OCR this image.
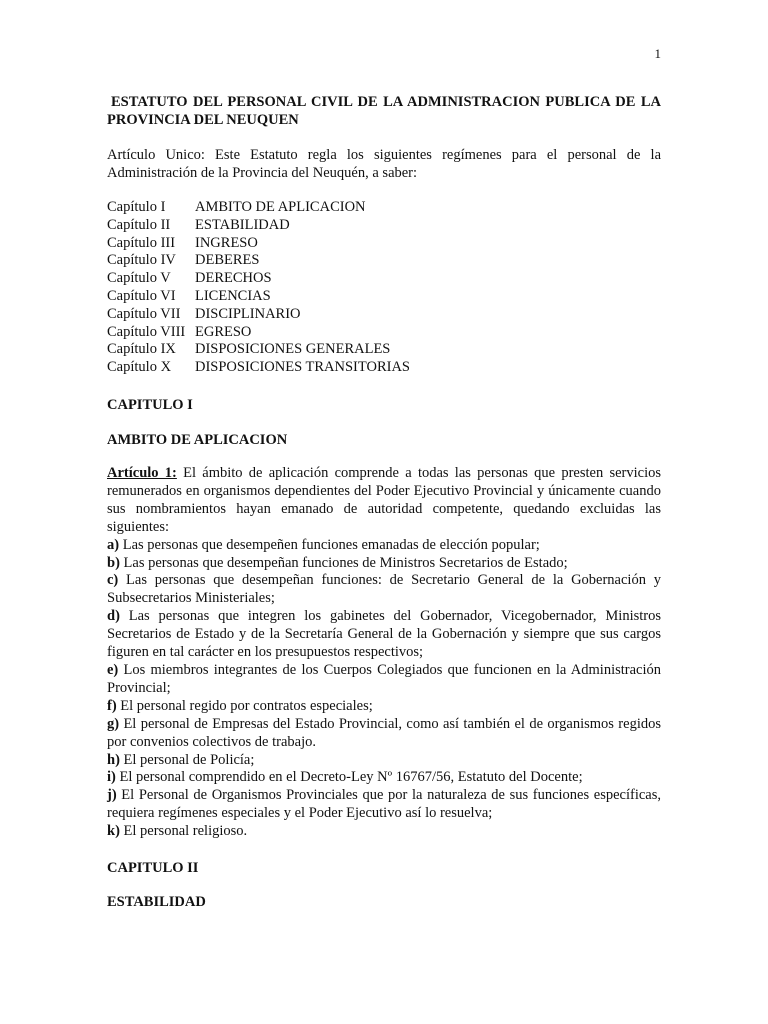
1
ESTATUTO DEL PERSONAL CIVIL DE LA ADMINISTRACION PUBLICA DE LA PROVINCIA DEL NEUQUEN

Artículo Unico: Este Estatuto regla los siguientes regímenes para el personal de la Administración de la Provincia del Neuquén, a saber:

Capítulo I	AMBITO DE APLICACION
Capítulo II	ESTABILIDAD
Capítulo III	INGRESO
Capítulo IV	DEBERES
Capítulo V	DERECHOS
Capítulo VI	LICENCIAS
Capítulo VII	DISCIPLINARIO
Capítulo VIII EGRESO
Capítulo IX	DISPOSICIONES GENERALES
Capítulo X	DISPOSICIONES TRANSITORIAS
CAPITULO I
AMBITO DE APLICACION

Artículo 1: El ámbito de aplicación comprende a todas las personas que presten servicios remunerados en organismos dependientes del Poder Ejecutivo Provincial y únicamente cuando sus nombramientos hayan emanado de autoridad competente, quedando excluidas las siguientes:

a) Las personas que desempeñen funciones emanadas de elección popular;

b) Las personas que desempeñan funciones de Ministros Secretarios de Estado;

c) Las personas que desempeñan funciones: de Secretario General de la Gobernación y Subsecretarios Ministeriales;

d) Las personas que integren los gabinetes del Gobernador, Vicegobernador, Ministros Secretarios de Estado y de la Secretaría General de la Gobernación y siempre que sus cargos figuren en tal carácter en los presupuestos respectivos;

e) Los miembros integrantes de los Cuerpos Colegiados que funcionen en la Administración Provincial;

f) El personal regido por contratos especiales;

g) El personal de Empresas del Estado Provincial, como así también el de organismos regidos por convenios colectivos de trabajo.

h) El personal de Policía;

i) El personal comprendido en el Decreto-Ley Nº 16767/56, Estatuto del Docente;

j) El Personal de Organismos Provinciales que por la naturaleza de sus funciones específicas, requiera regímenes especiales y el Poder Ejecutivo así lo resuelva;

k) El personal religioso.

CAPITULO II
ESTABILIDAD
